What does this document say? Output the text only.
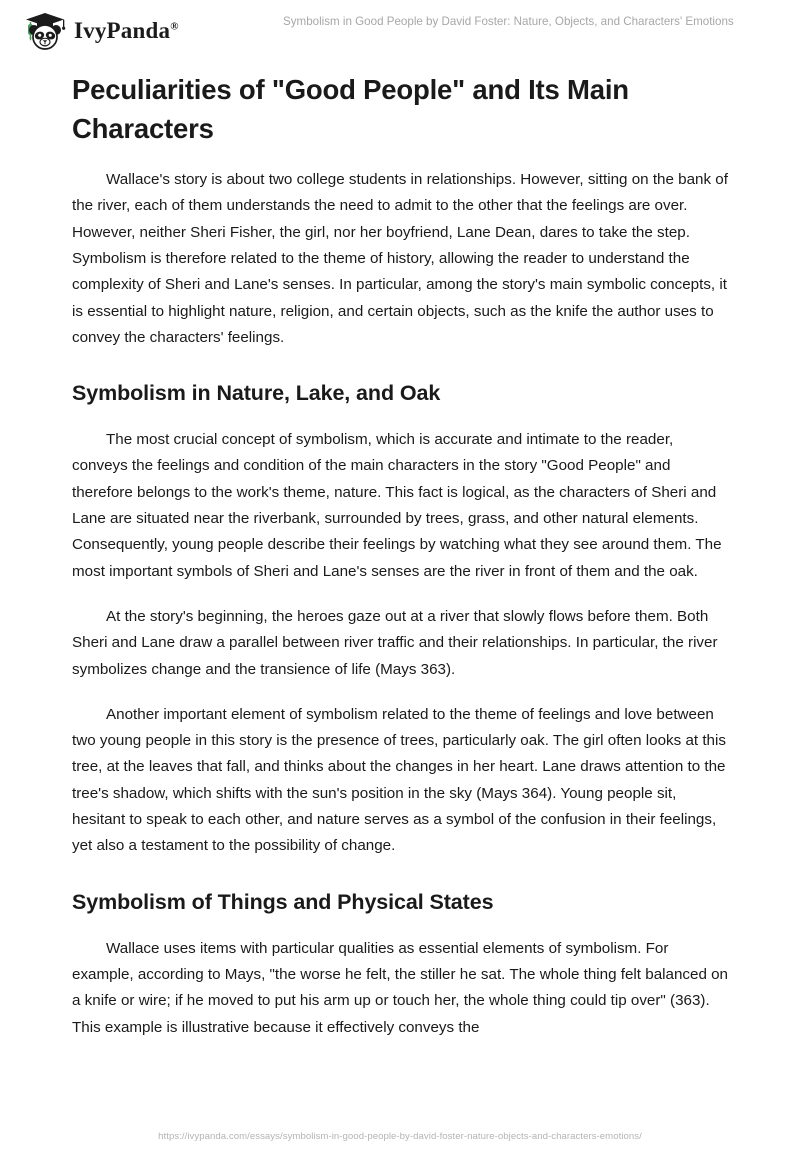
IvyPanda®	Symbolism in Good People by David Foster: Nature, Objects, and Characters' Emotions
Peculiarities of "Good People" and Its Main Characters

Wallace's story is about two college students in relationships. However, sitting on the bank of the river, each of them understands the need to admit to the other that the feelings are over. However, neither Sheri Fisher, the girl, nor her boyfriend, Lane Dean, dares to take the step. Symbolism is therefore related to the theme of history, allowing the reader to understand the complexity of Sheri and Lane's senses. In particular, among the story's main symbolic concepts, it is essential to highlight nature, religion, and certain objects, such as the knife the author uses to convey the characters' feelings.

Symbolism in Nature, Lake, and Oak

The most crucial concept of symbolism, which is accurate and intimate to the reader, conveys the feelings and condition of the main characters in the story "Good People" and therefore belongs to the work's theme, nature. This fact is logical, as the characters of Sheri and Lane are situated near the riverbank, surrounded by trees, grass, and other natural elements. Consequently, young people describe their feelings by watching what they see around them. The most important symbols of Sheri and Lane's senses are the river in front of them and the oak.

At the story's beginning, the heroes gaze out at a river that slowly flows before them. Both Sheri and Lane draw a parallel between river traffic and their relationships. In particular, the river symbolizes change and the transience of life (Mays 363).

Another important element of symbolism related to the theme of feelings and love between two young people in this story is the presence of trees, particularly oak. The girl often looks at this tree, at the leaves that fall, and thinks about the changes in her heart. Lane draws attention to the tree's shadow, which shifts with the sun's position in the sky (Mays 364). Young people sit, hesitant to speak to each other, and nature serves as a symbol of the confusion in their feelings, yet also a testament to the possibility of change.

Symbolism of Things and Physical States

Wallace uses items with particular qualities as essential elements of symbolism. For example, according to Mays, "the worse he felt, the stiller he sat. The whole thing felt balanced on a knife or wire; if he moved to put his arm up or touch her, the whole thing could tip over" (363). This example is illustrative because it effectively conveys the

https://ivypanda.com/essays/symbolism-in-good-people-by-david-foster-nature-objects-and-characters-emotions/
